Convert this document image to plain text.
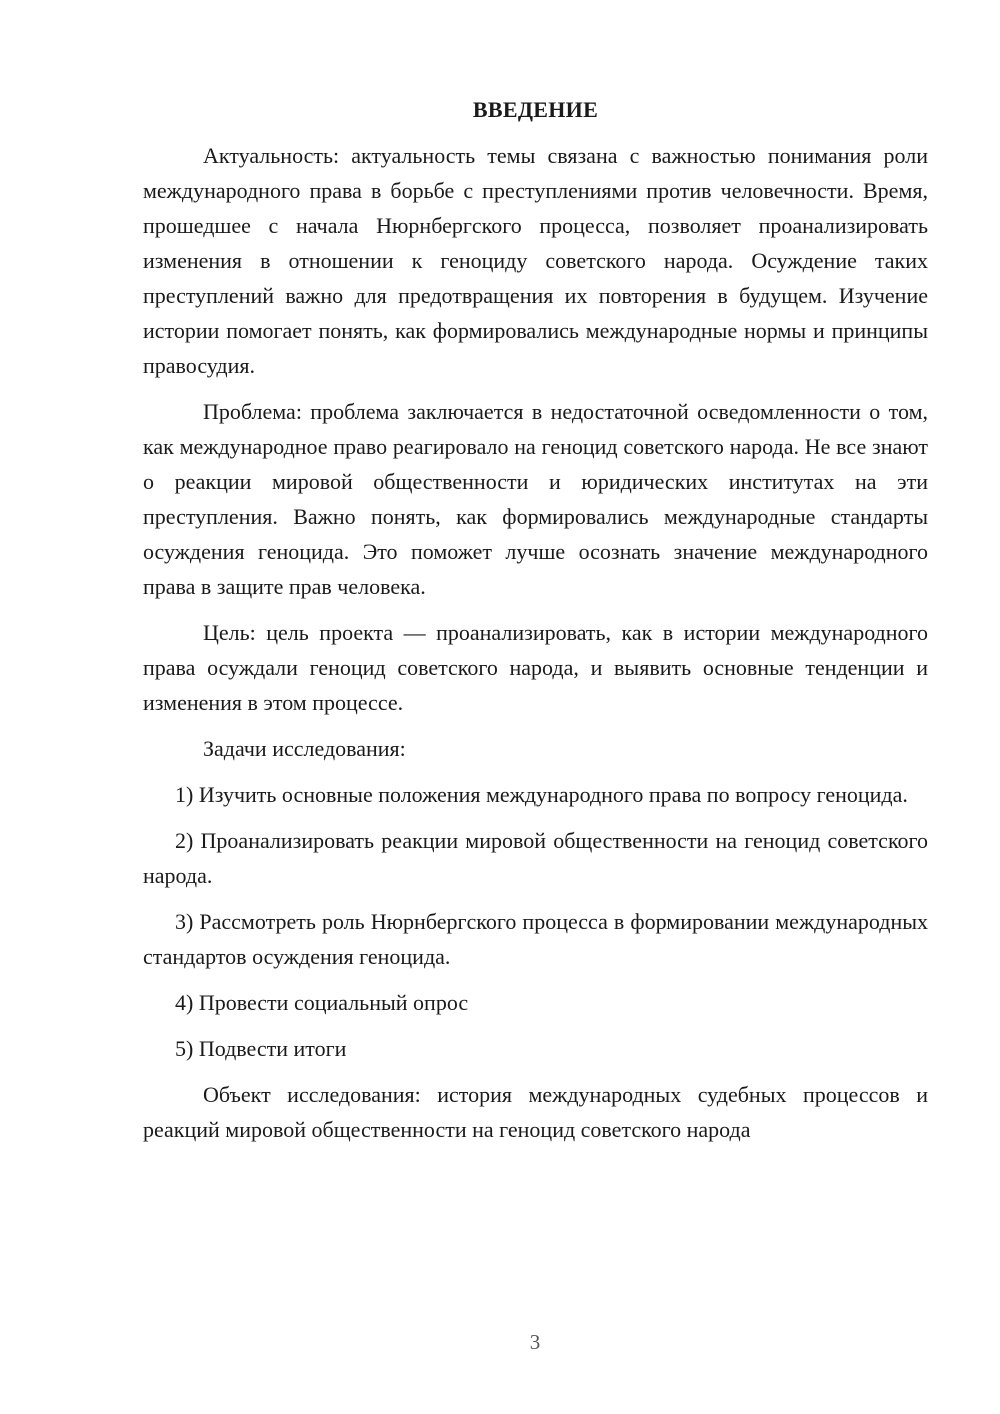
ВВЕДЕНИЕ

Актуальность: актуальность темы связана с важностью понимания роли международного права в борьбе с преступлениями против человечности. Время, прошедшее с начала Нюрнбергского процесса, позволяет проанализировать изменения в отношении к геноциду советского народа. Осуждение таких преступлений важно для предотвращения их повторения в будущем. Изучение истории помогает понять, как формировались международные нормы и принципы правосудия.

Проблема: проблема заключается в недостаточной осведомленности о том, как международное право реагировало на геноцид советского народа. Не все знают о реакции мировой общественности и юридических институтах на эти преступления. Важно понять, как формировались международные стандарты осуждения геноцида. Это поможет лучше осознать значение международного права в защите прав человека.

Цель: цель проекта — проанализировать, как в истории международного права осуждали геноцид советского народа, и выявить основные тенденции и изменения в этом процессе.

Задачи исследования:

1) Изучить основные положения международного права по вопросу геноцида.

2) Проанализировать реакции мировой общественности на геноцид советского народа.

3) Рассмотреть роль Нюрнбергского процесса в формировании международных стандартов осуждения геноцида.

4) Провести социальный опрос

5) Подвести итоги

Объект исследования: история международных судебных процессов и реакций мировой общественности на геноцид советского народа

3
